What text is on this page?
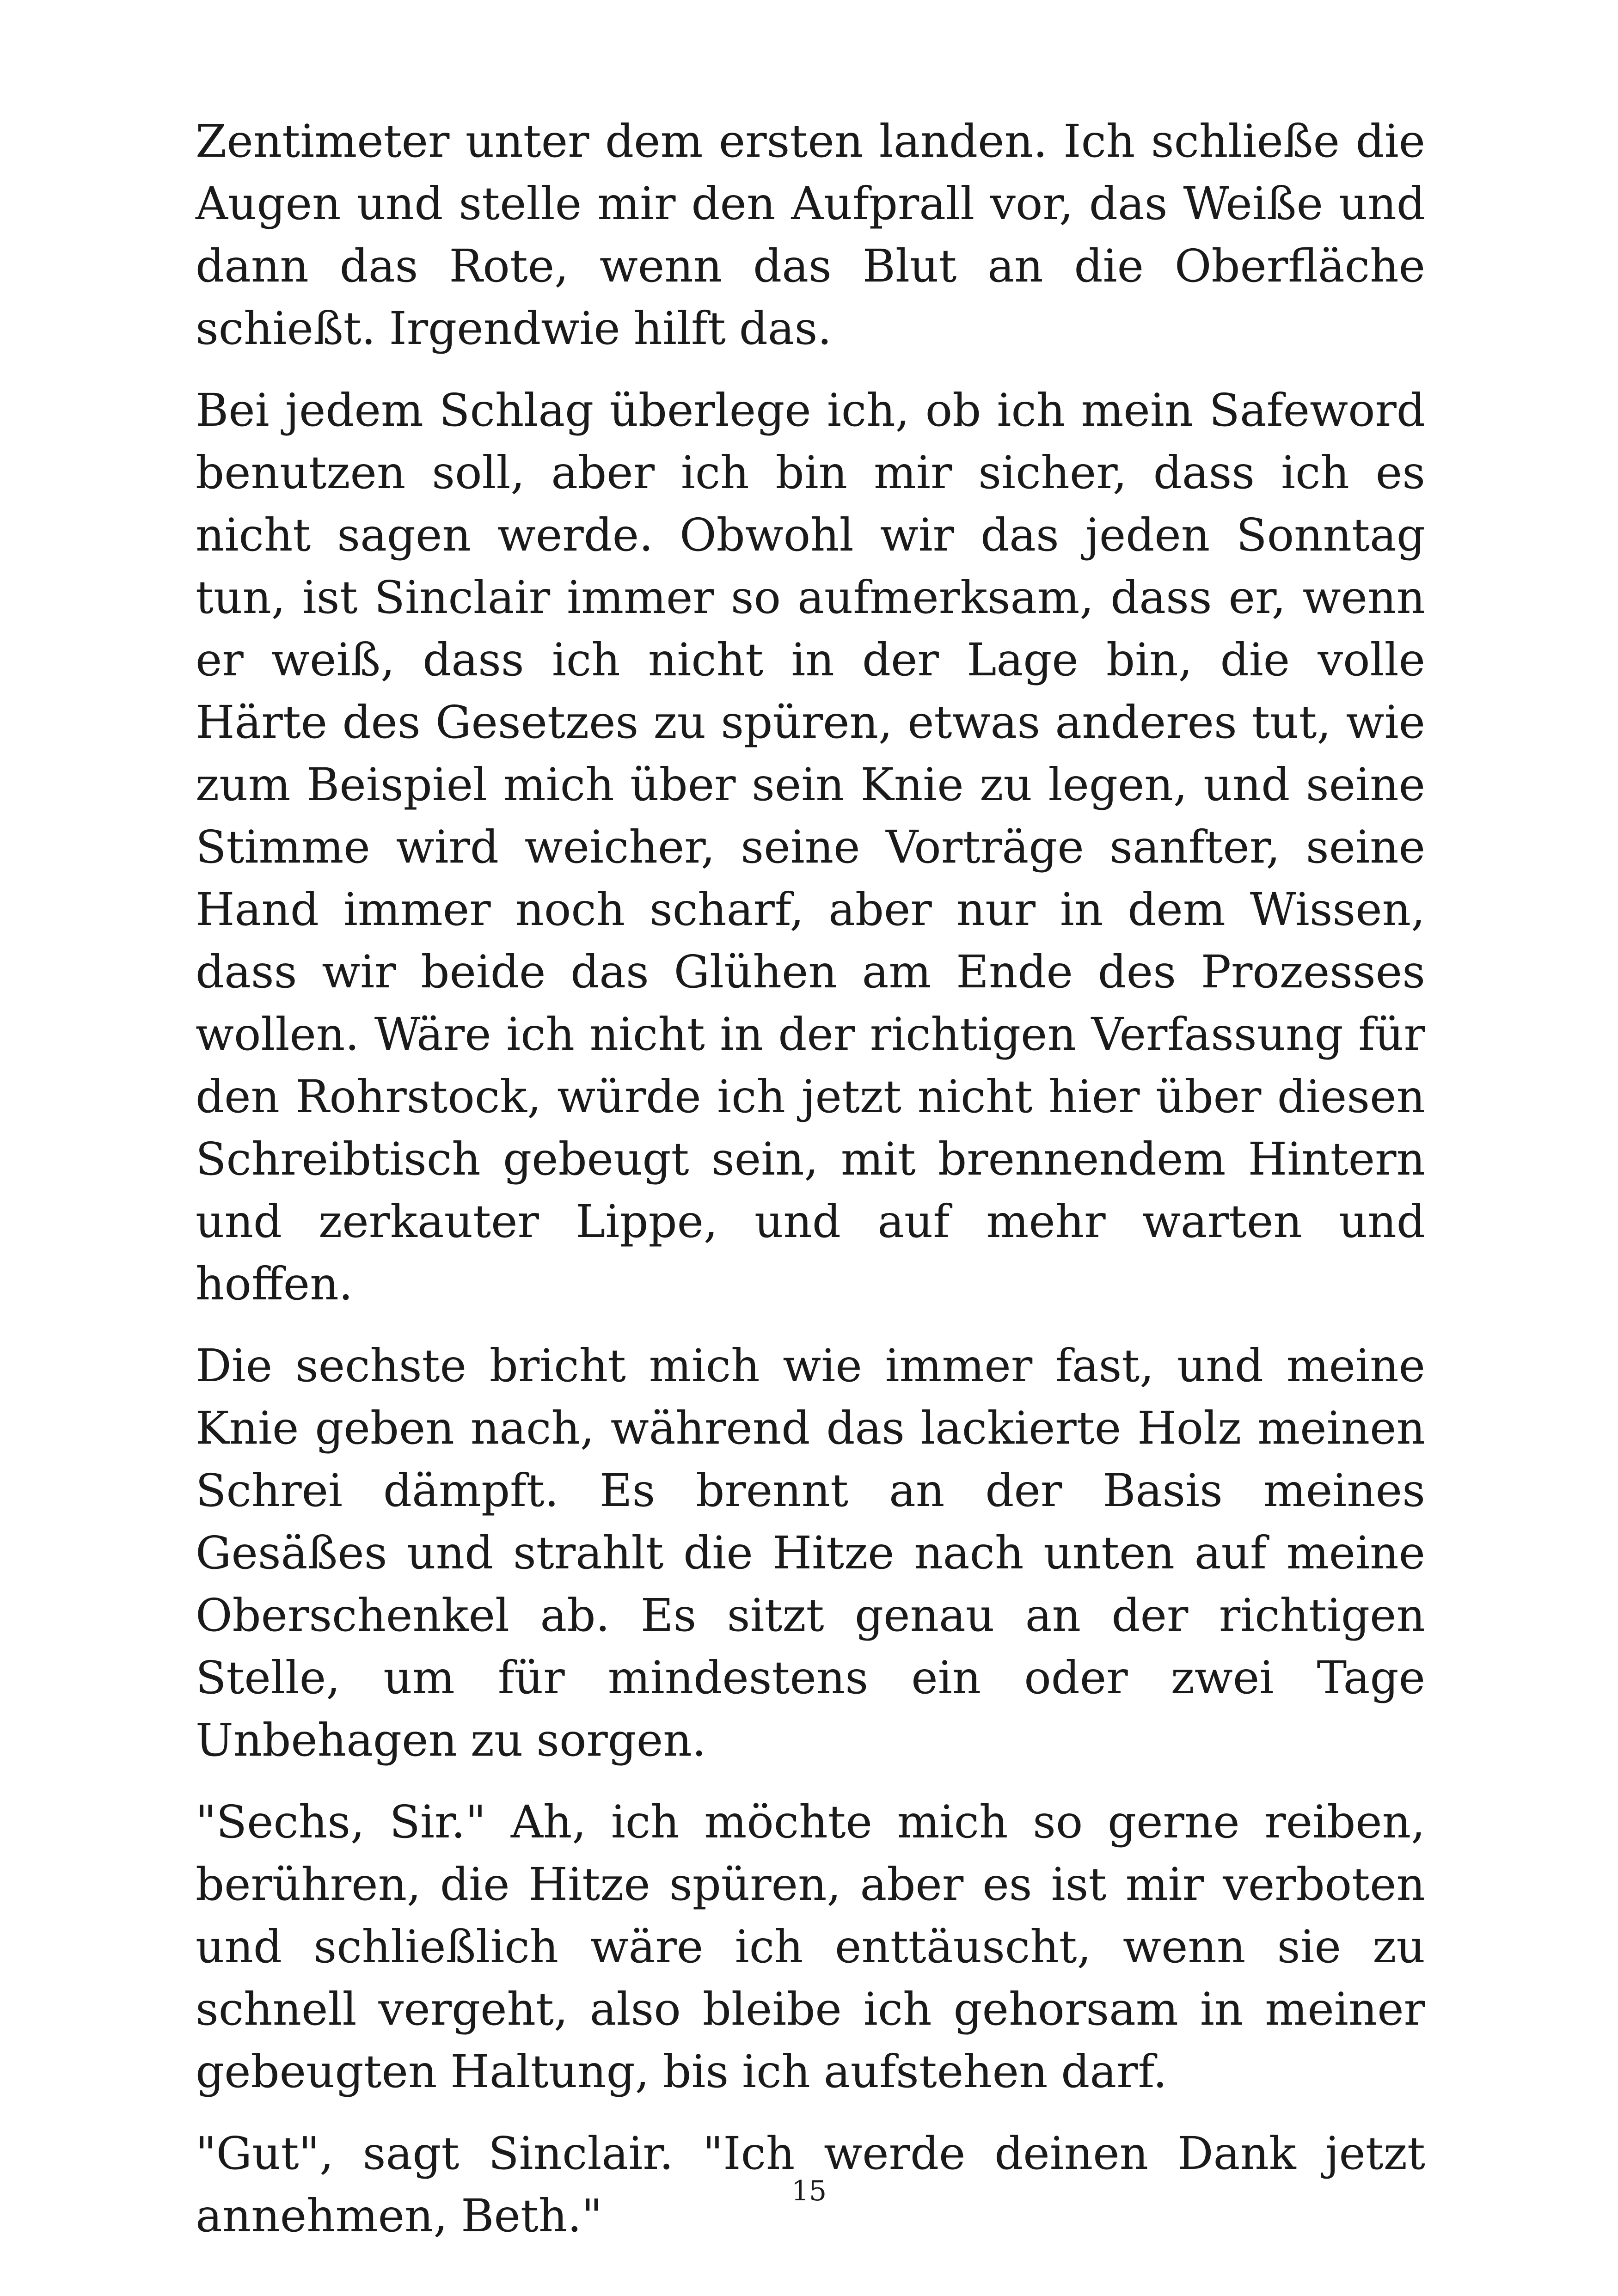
Zentimeter unter dem ersten landen. Ich schließe die Augen und stelle mir den Aufprall vor, das Weiße und dann das Rote, wenn das Blut an die Oberfläche schießt. Irgendwie hilft das.

Bei jedem Schlag überlege ich, ob ich mein Safeword benutzen soll, aber ich bin mir sicher, dass ich es nicht sagen werde. Obwohl wir das jeden Sonntag tun, ist Sinclair immer so aufmerksam, dass er, wenn er weiß, dass ich nicht in der Lage bin, die volle Härte des Gesetzes zu spüren, etwas anderes tut, wie zum Beispiel mich über sein Knie zu legen, und seine Stimme wird weicher, seine Vorträge sanfter, seine Hand immer noch scharf, aber nur in dem Wissen, dass wir beide das Glühen am Ende des Prozesses wollen. Wäre ich nicht in der richtigen Verfassung für den Rohrstock, würde ich jetzt nicht hier über diesen Schreibtisch gebeugt sein, mit brennendem Hintern und zerkauter Lippe, und auf mehr warten und hoffen.

Die sechste bricht mich wie immer fast, und meine Knie geben nach, während das lackierte Holz meinen Schrei dämpft. Es brennt an der Basis meines Gesäßes und strahlt die Hitze nach unten auf meine Oberschenkel ab. Es sitzt genau an der richtigen Stelle, um für mindestens ein oder zwei Tage Unbehagen zu sorgen.

"Sechs, Sir." Ah, ich möchte mich so gerne reiben, berühren, die Hitze spüren, aber es ist mir verboten und schließlich wäre ich enttäuscht, wenn sie zu schnell vergeht, also bleibe ich gehorsam in meiner gebeugten Haltung, bis ich aufstehen darf.

"Gut", sagt Sinclair. "Ich werde deinen Dank jetzt annehmen, Beth."	15
